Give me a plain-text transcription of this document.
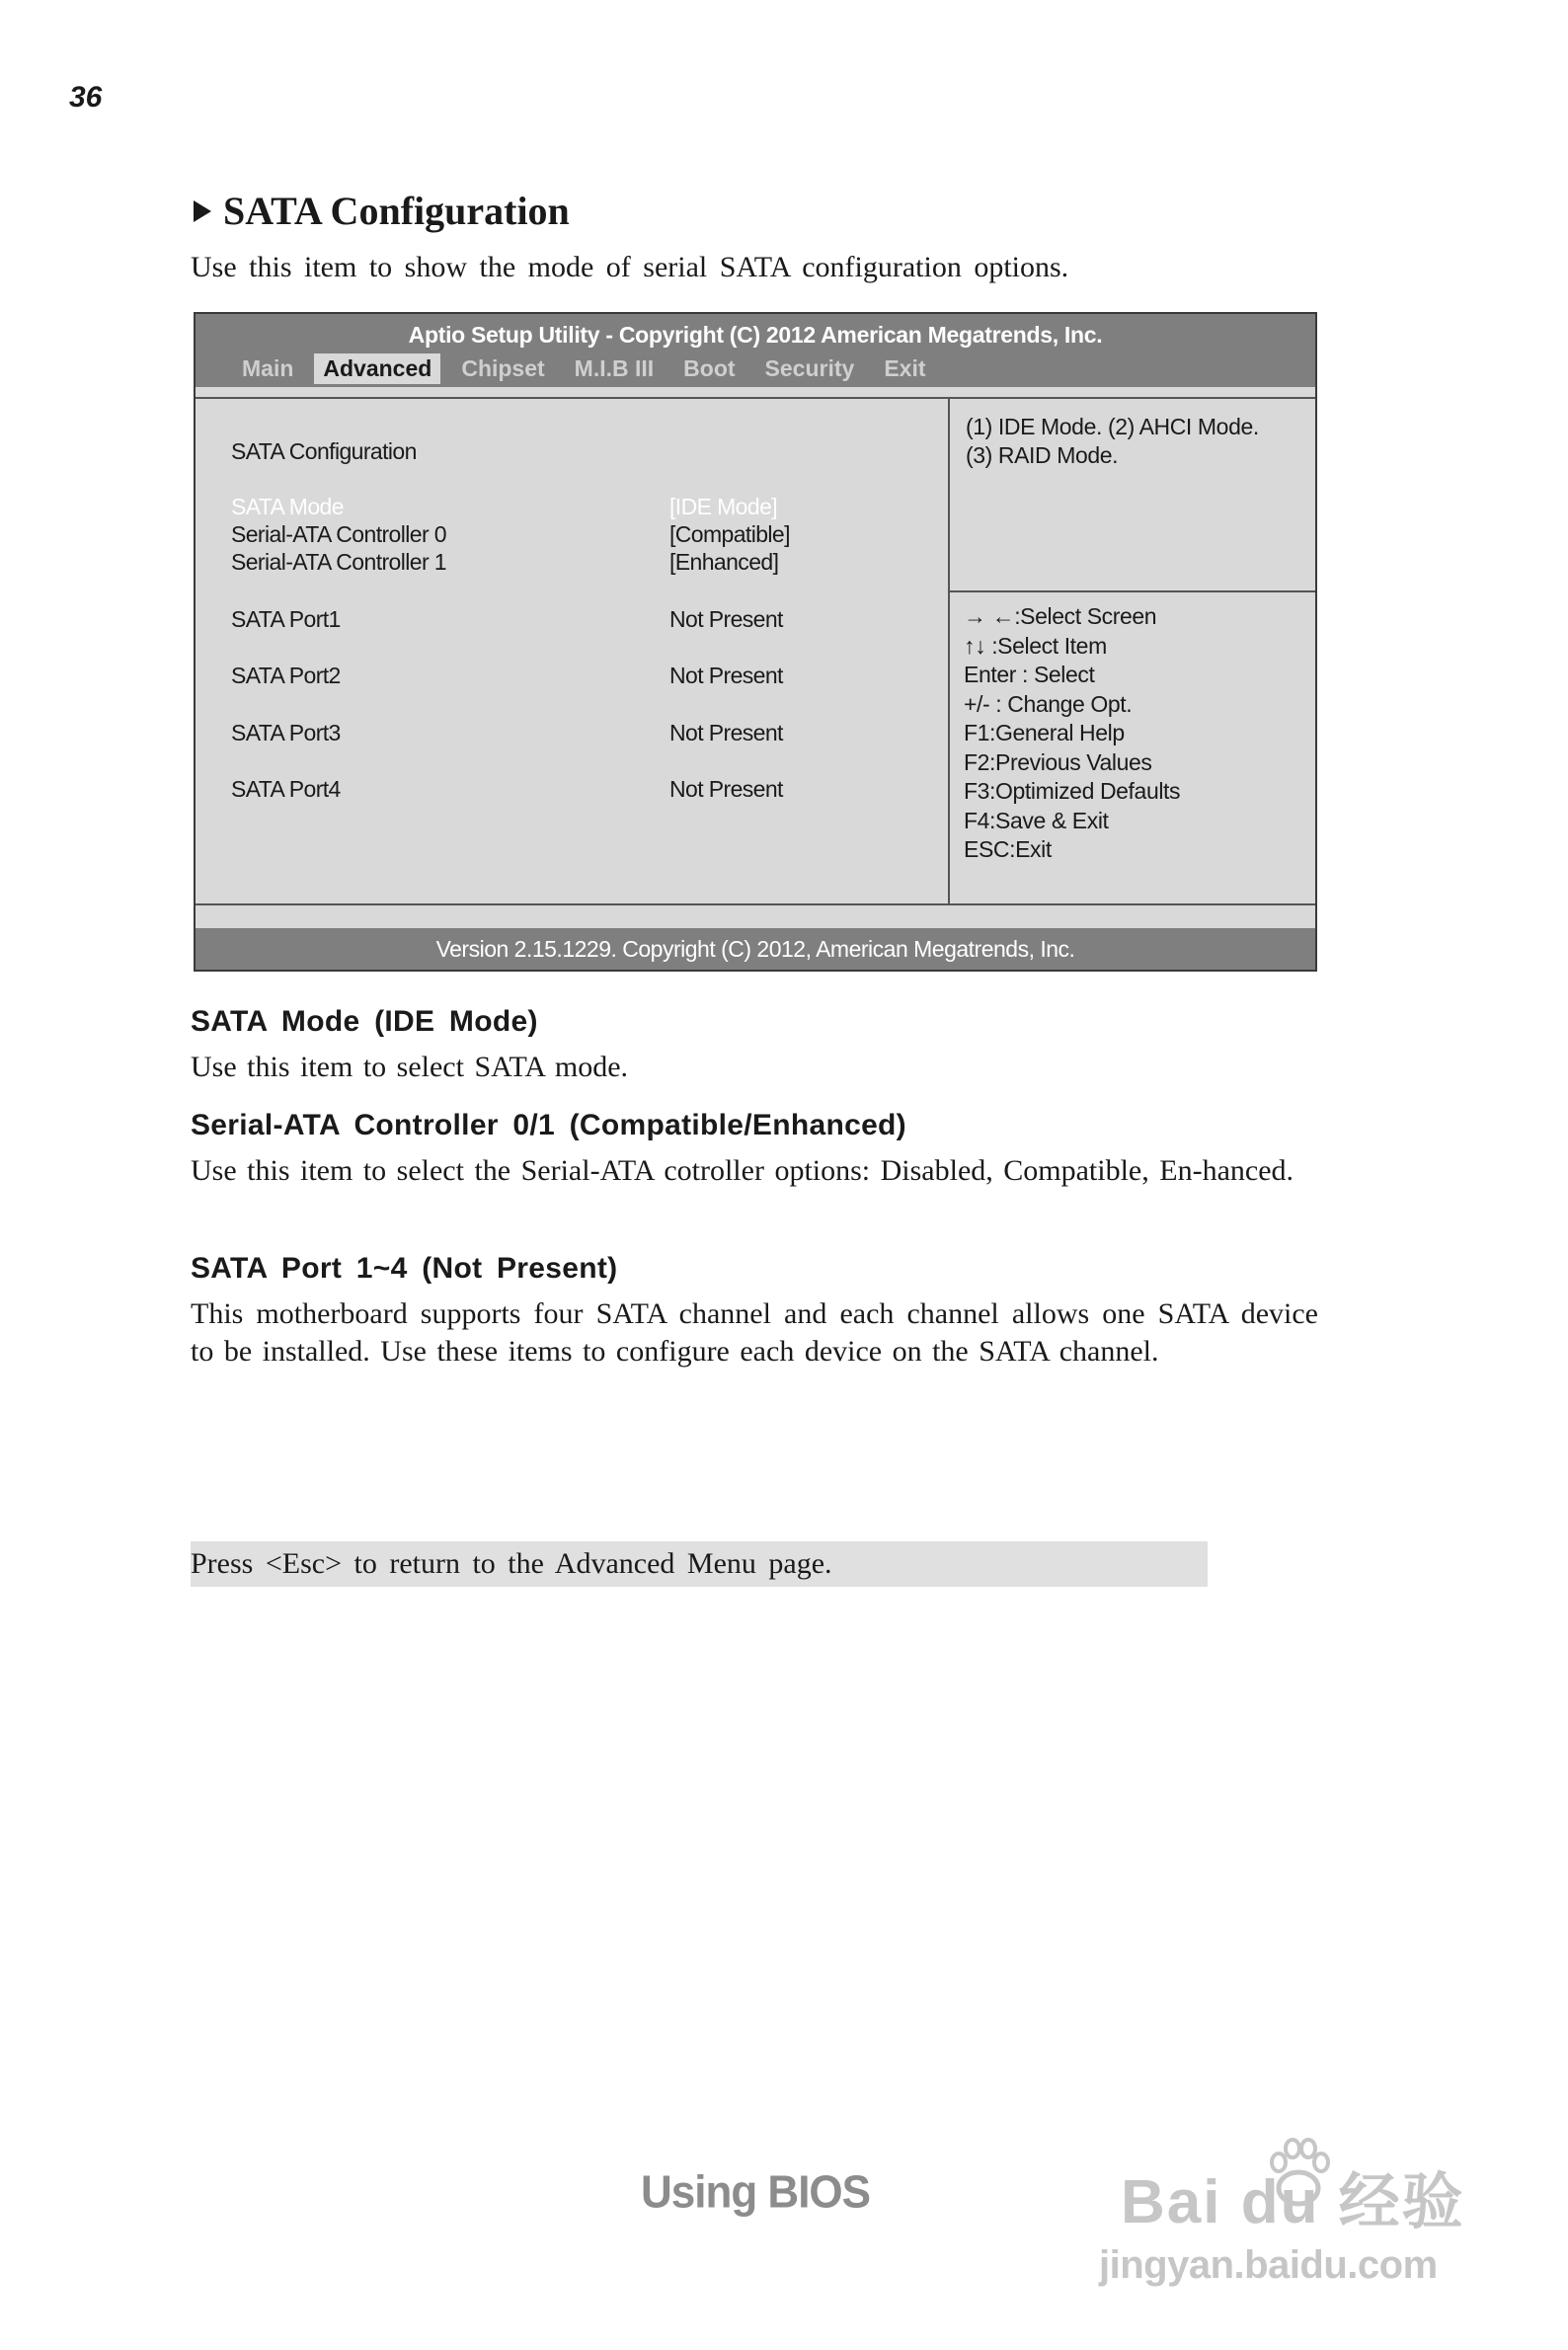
36
SATA Configuration
Use this item to show the mode of serial SATA configuration options.
Aptio Setup Utility - Copyright (C) 2012 American Megatrends, Inc.
Main	Advanced	Chipset	M.I.B III	Boot	Security	Exit
SATA Configuration
SATA Mode	[IDE Mode]
Serial-ATA Controller 0	[Compatible]
Serial-ATA Controller 1	[Enhanced]
SATA Port1	Not Present
SATA Port2	Not Present
SATA Port3	Not Present
SATA Port4	Not Present
(1) IDE Mode. (2) AHCI Mode.
(3) RAID Mode.
→ ←:Select Screen
↑↓ :Select Item
Enter : Select
+/- : Change Opt.
F1:General Help
F2:Previous Values
F3:Optimized Defaults
F4:Save & Exit
ESC:Exit
Version 2.15.1229. Copyright (C) 2012, American Megatrends, Inc.
SATA Mode (IDE Mode)
Use this item to select SATA mode.
Serial-ATA Controller 0/1 (Compatible/Enhanced)
Use this item to select the Serial-ATA cotroller options: Disabled, Compatible, En-hanced.
SATA Port 1~4 (Not Present)
This motherboard supports four SATA channel and each channel allows one SATA device to be installed. Use these items to configure each device on the SATA channel.
Press <Esc> to return to the Advanced Menu page.
Using BIOS	Bai du 经验
jingyan.baidu.com
